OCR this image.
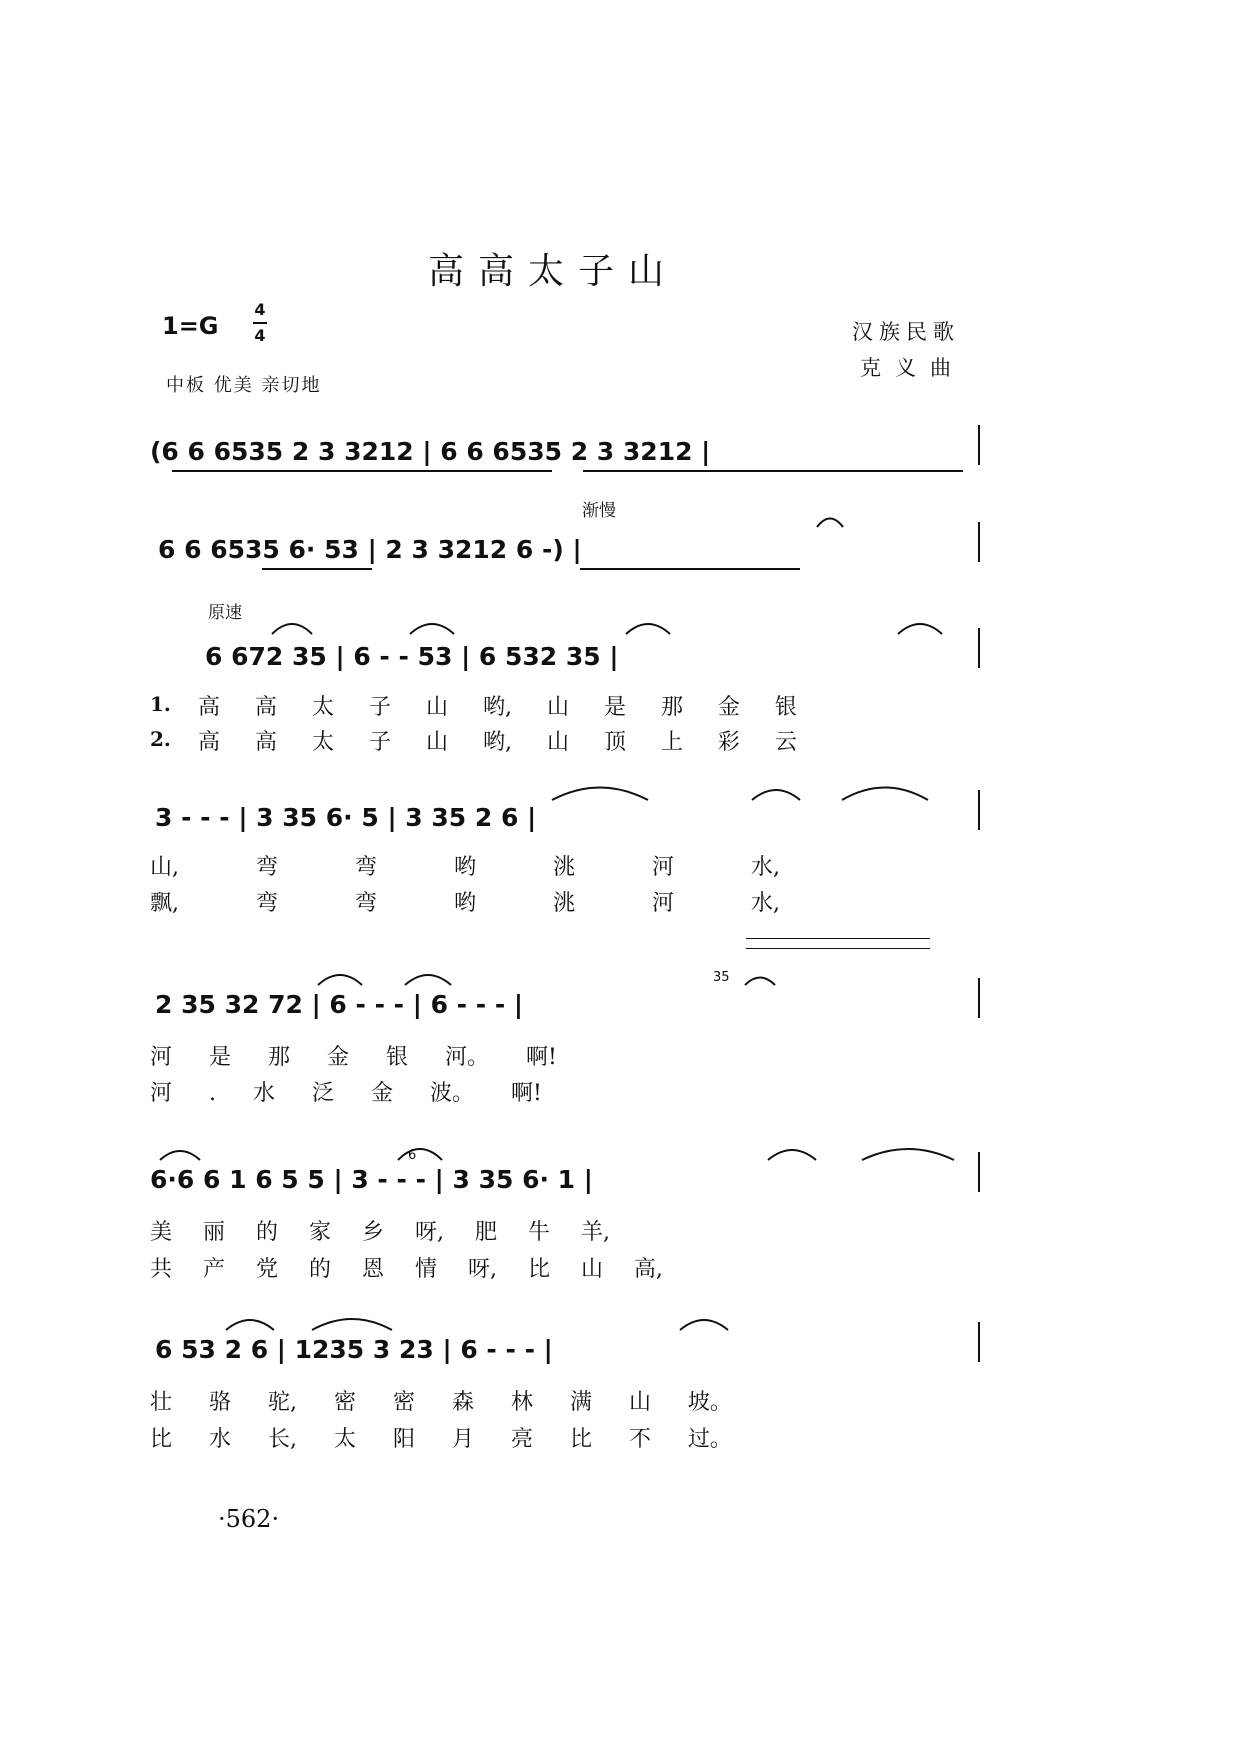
高高太子山
1=G
4
4	汉族民歌
克义曲
中板 优美 亲切地
(6 6 6535 2 3 3212 | 6 6 6535 2 3 3212 |
渐慢
6 6 6535 6· 53 | 2 3 3212 6 -) |
原速
6 672 35 | 6 - - 53 | 6 532 35 |
1.
2.
高 高 太 子 山 哟, 山 是 那 金 银
高 高 太 子 山 哟, 山 顶 上 彩 云
3 - - - | 3 35 6· 5 | 3 35 2 6 |
山, 弯 弯 哟 洮 河 水,
飘, 弯 弯 哟 洮 河 水,
2 35 32 72 | 6 - - - | 6 - - - |
35
河 是 那 金 银 河。 啊!
河 . 水 泛 金 波。 啊!
6·6 6 1 6 5 5 | 3 - - - | 3 35 6· 1 |
6
美 丽 的 家 乡 呀, 肥 牛 羊,
共 产 党 的 恩 情 呀, 比 山 高,
6 53 2 6 | 1235 3 23 | 6 - - - |
壮 骆 驼, 密 密 森 林 满 山 坡。
比 水 长, 太 阳 月 亮 比 不 过。
·562·
